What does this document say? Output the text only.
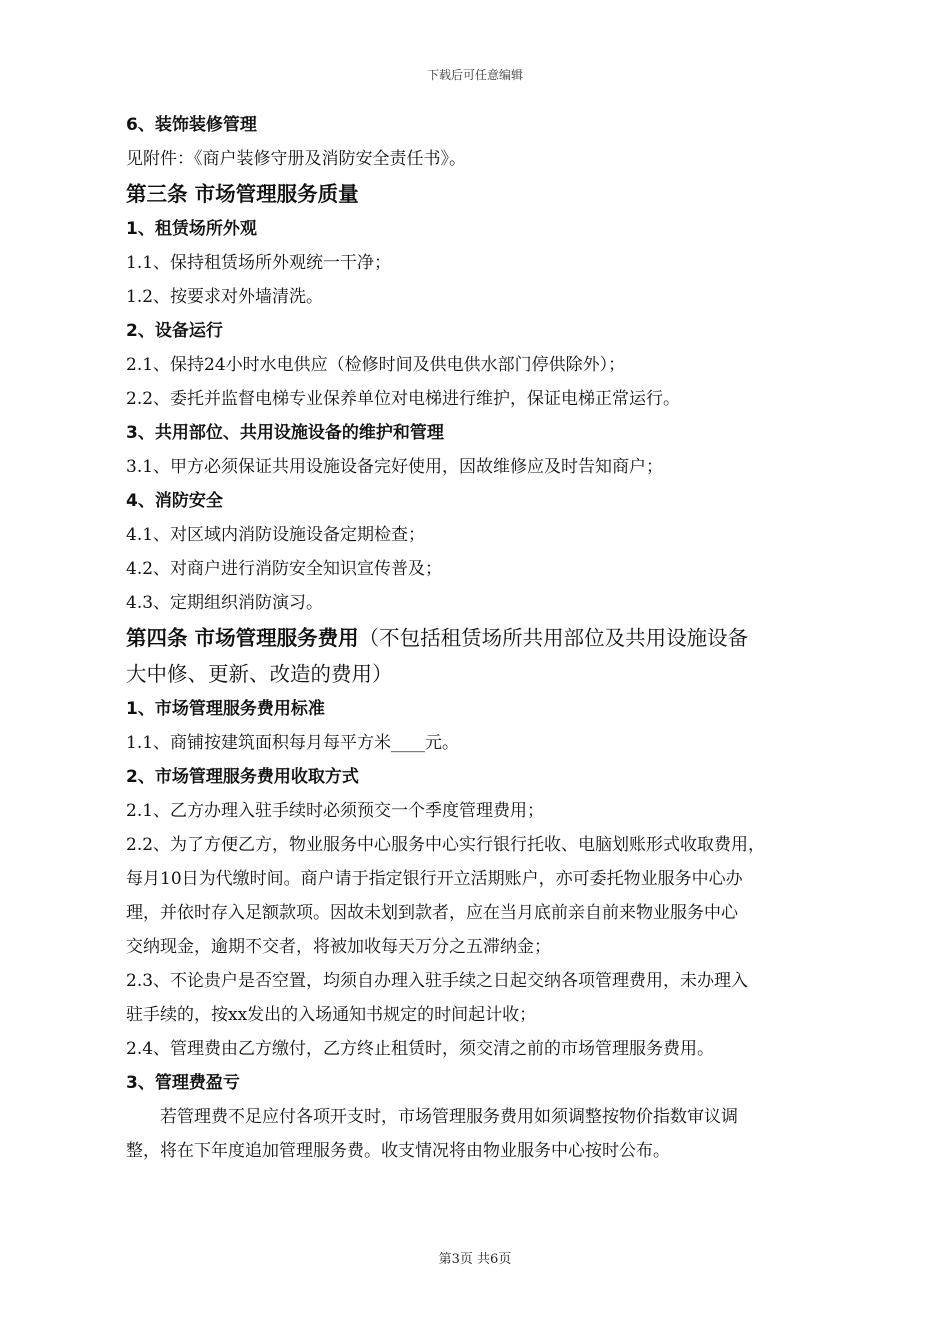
下载后可任意编辑
6、装饰装修管理
见附件：《商户装修守册及消防安全责任书》。
第三条 市场管理服务质量
1、租赁场所外观
1.1、保持租赁场所外观统一干净；
1.2、按要求对外墙清洗。
2、设备运行
2.1、保持24小时水电供应（检修时间及供电供水部门停供除外）；
2.2、委托并监督电梯专业保养单位对电梯进行维护，保证电梯正常运行。
3、共用部位、共用设施设备的维护和管理
3.1、甲方必须保证共用设施设备完好使用，因故维修应及时告知商户；
4、消防安全
4.1、对区域内消防设施设备定期检查；
4.2、对商户进行消防安全知识宣传普及；
4.3、定期组织消防演习。
第四条 市场管理服务费用（不包括租赁场所共用部位及共用设施设备
大中修、更新、改造的费用）
1、市场管理服务费用标准
1.1、商铺按建筑面积每月每平方米____元。
2、市场管理服务费用收取方式
2.1、乙方办理入驻手续时必须预交一个季度管理费用；
2.2、为了方便乙方，物业服务中心服务中心实行银行托收、电脑划账形式收取费用，
每月10日为代缴时间。商户请于指定银行开立活期账户，亦可委托物业服务中心办
理，并依时存入足额款项。因故未划到款者，应在当月底前亲自前来物业服务中心
交纳现金，逾期不交者，将被加收每天万分之五滞纳金；
2.3、不论贵户是否空置，均须自办理入驻手续之日起交纳各项管理费用，未办理入
驻手续的，按xx发出的入场通知书规定的时间起计收；
2.4、管理费由乙方缴付，乙方终止租赁时，须交清之前的市场管理服务费用。
3、管理费盈亏
若管理费不足应付各项开支时，市场管理服务费用如须调整按物价指数审议调
整，将在下年度追加管理服务费。收支情况将由物业服务中心按时公布。
第3页 共6页
